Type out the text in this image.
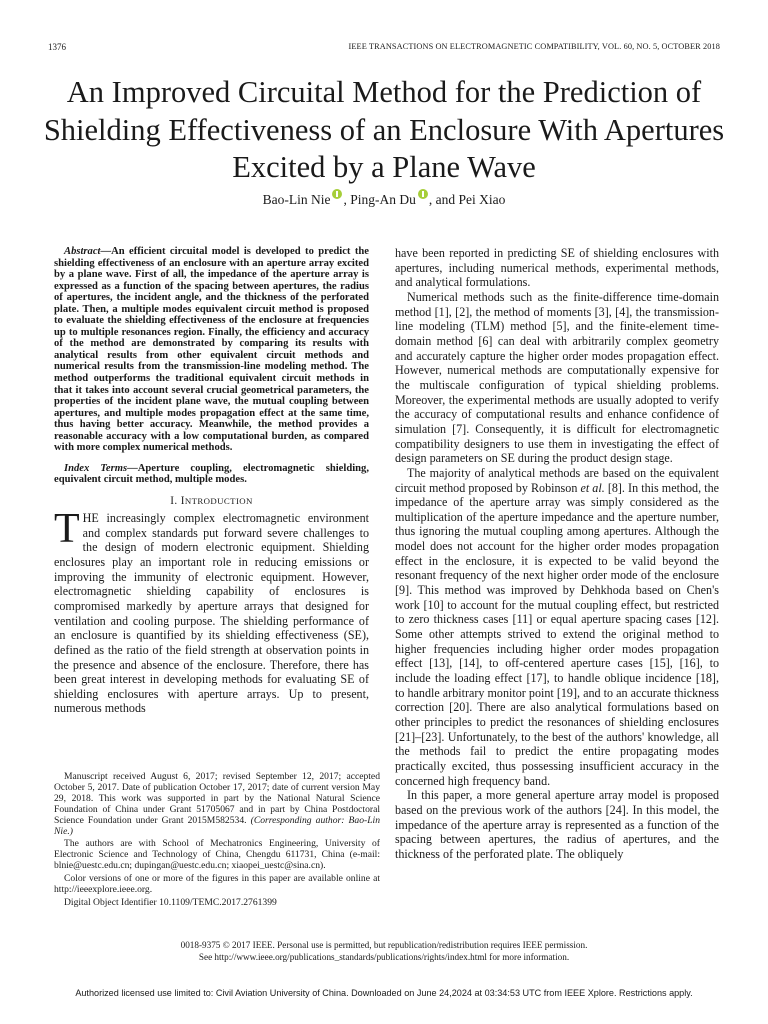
1376	IEEE TRANSACTIONS ON ELECTROMAGNETIC COMPATIBILITY, VOL. 60, NO. 5, OCTOBER 2018
An Improved Circuital Method for the Prediction of Shielding Effectiveness of an Enclosure With Apertures Excited by a Plane Wave
Bao-Lin Nie , Ping-An Du , and Pei Xiao

Abstract—An efficient circuital model is developed to predict the shielding effectiveness of an enclosure with an aperture array excited by a plane wave. First of all, the impedance of the aperture array is expressed as a function of the spacing between apertures, the radius of apertures, the incident angle, and the thickness of the perforated plate. Then, a multiple modes equivalent circuit method is proposed to evaluate the shielding effectiveness of the enclosure at frequencies up to multiple resonances region. Finally, the efficiency and accuracy of the method are demonstrated by comparing its results with analytical results from other equivalent circuit methods and numerical results from the transmission-line modeling method. The method outperforms the traditional equivalent circuit methods in that it takes into account several crucial geometrical parameters, the properties of the incident plane wave, the mutual coupling between apertures, and multiple modes propagation effect at the same time, thus having better accuracy. Meanwhile, the method provides a reasonable accuracy with a low computational burden, as compared with more complex numerical methods.

Index Terms—Aperture coupling, electromagnetic shielding, equivalent circuit method, multiple modes.

I. INTRODUCTION

THE increasingly complex electromagnetic environment and complex standards put forward severe challenges to the design of modern electronic equipment. Shielding enclosures play an important role in reducing emissions or improving the immunity of electronic equipment. However, electromagnetic shielding capability of enclosures is compromised markedly by aperture arrays that designed for ventilation and cooling purpose. The shielding performance of an enclosure is quantified by its shielding effectiveness (SE), defined as the ratio of the field strength at observation points in the presence and absence of the enclosure. Therefore, there has been great interest in developing methods for evaluating SE of shielding enclosures with aperture arrays. Up to present, numerous methods

have been reported in predicting SE of shielding enclosures with apertures, including numerical methods, experimental methods, and analytical formulations.

Numerical methods such as the finite-difference time-domain method [1], [2], the method of moments [3], [4], the transmission-line modeling (TLM) method [5], and the finite-element time-domain method [6] can deal with arbitrarily complex geometry and accurately capture the higher order modes propagation effect. However, numerical methods are computationally expensive for the multiscale configuration of typical shielding problems. Moreover, the experimental methods are usually adopted to verify the accuracy of computational results and enhance confidence of simulation [7]. Consequently, it is difficult for electromagnetic compatibility designers to use them in investigating the effect of design parameters on SE during the product design stage.

The majority of analytical methods are based on the equivalent circuit method proposed by Robinson et al. [8]. In this method, the impedance of the aperture array was simply considered as the multiplication of the aperture impedance and the aperture number, thus ignoring the mutual coupling among apertures. Although the model does not account for the higher order modes propagation effect in the enclosure, it is expected to be valid beyond the resonant frequency of the next higher order mode of the enclosure [9]. This method was improved by Dehkhoda based on Chen's work [10] to account for the mutual coupling effect, but restricted to zero thickness cases [11] or equal aperture spacing cases [12]. Some other attempts strived to extend the original method to higher frequencies including higher order modes propagation effect [13], [14], to off-centered aperture cases [15], [16], to include the loading effect [17], to handle oblique incidence [18], to handle arbitrary monitor point [19], and to an accurate thickness correction [20]. There are also analytical formulations based on other principles to predict the resonances of shielding enclosures [21]–[23]. Unfortunately, to the best of the authors' knowledge, all the methods fail to predict the entire propagating modes practically excited, thus possessing insufficient accuracy in the concerned high frequency band.

In this paper, a more general aperture array model is proposed based on the previous work of the authors [24]. In this model, the impedance of the aperture array is represented as a function of the spacing between apertures, the radius of apertures, and the thickness of the perforated plate. The obliquely

Manuscript received August 6, 2017; revised September 12, 2017; accepted October 5, 2017. Date of publication October 17, 2017; date of current version May 29, 2018. This work was supported in part by the National Natural Science Foundation of China under Grant 51705067 and in part by China Postdoctoral Science Foundation under Grant 2015M582534. (Corresponding author: Bao-Lin Nie.)

The authors are with School of Mechatronics Engineering, University of Electronic Science and Technology of China, Chengdu 611731, China (e-mail: blnie@uestc.edu.cn; dupingan@uestc.edu.cn; xiaopei_uestc@sina.cn).

Color versions of one or more of the figures in this paper are available online at http://ieeexplore.ieee.org.

Digital Object Identifier 10.1109/TEMC.2017.2761399

0018-9375 © 2017 IEEE. Personal use is permitted, but republication/redistribution requires IEEE permission.
See http://www.ieee.org/publications_standards/publications/rights/index.html for more information.
Authorized licensed use limited to: Civil Aviation University of China. Downloaded on June 24,2024 at 03:34:53 UTC from IEEE Xplore. Restrictions apply.
